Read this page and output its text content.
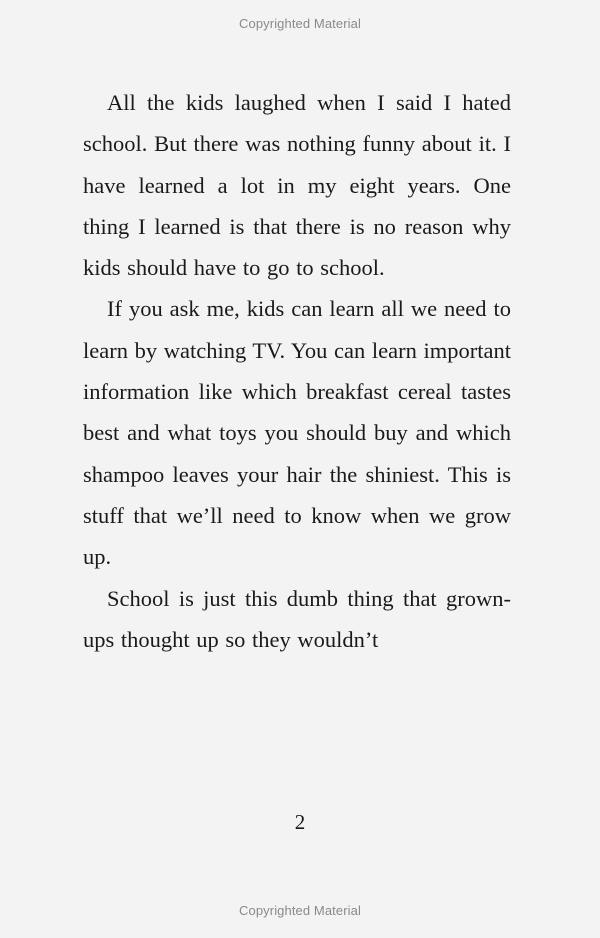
Copyrighted Material

All the kids laughed when I said I hated school. But there was nothing funny about it. I have learned a lot in my eight years. One thing I learned is that there is no reason why kids should have to go to school.

If you ask me, kids can learn all we need to learn by watching TV. You can learn important information like which breakfast cereal tastes best and what toys you should buy and which shampoo leaves your hair the shiniest. This is stuff that we’ll need to know when we grow up.

School is just this dumb thing that grown-ups thought up so they wouldn’t

2
Copyrighted Material
